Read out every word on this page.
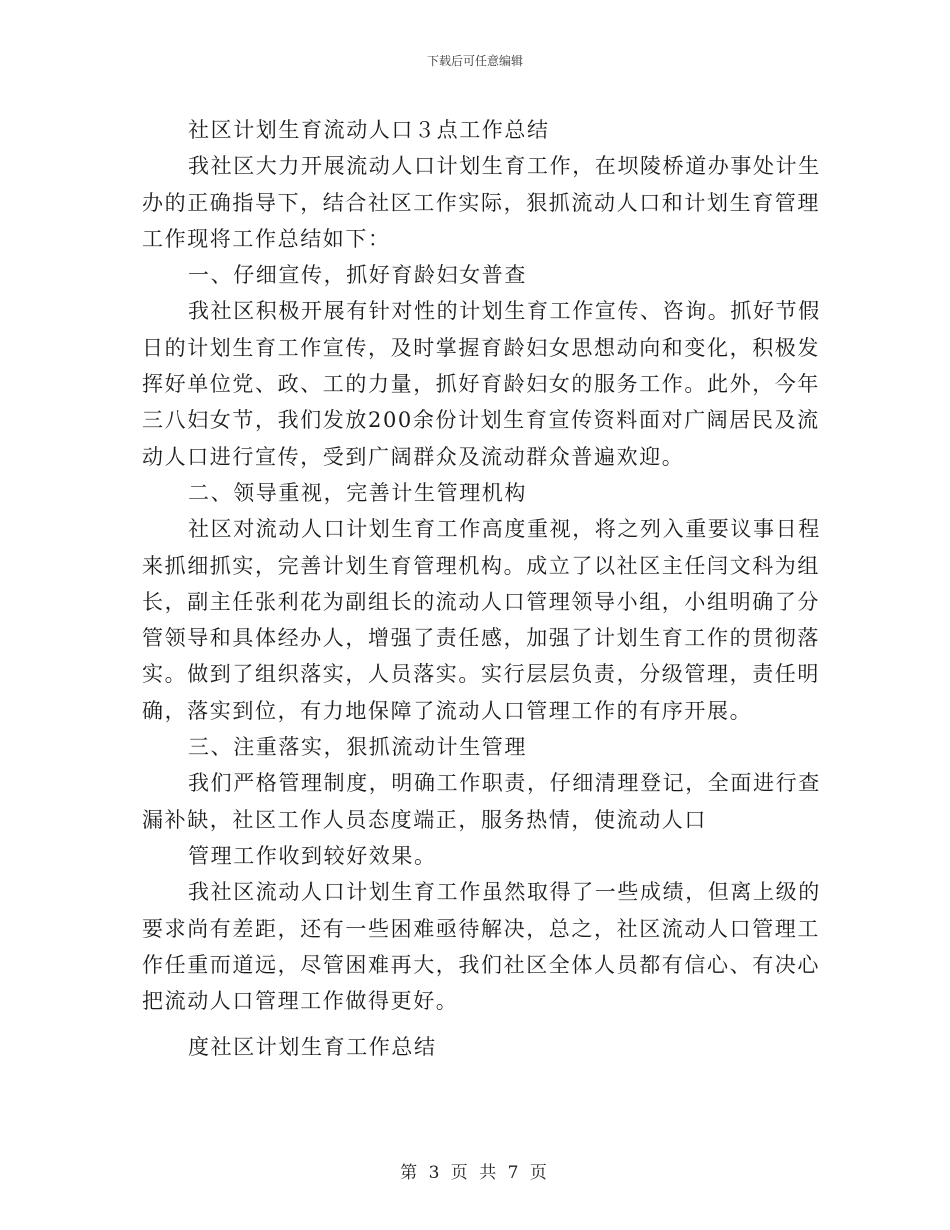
下载后可任意编辑
社区计划生育流动人口３点工作总结
我社区大力开展流动人口计划生育工作，在坝陵桥道办事处计生
办的正确指导下，结合社区工作实际，狠抓流动人口和计划生育管理
工作现将工作总结如下：
一、仔细宣传，抓好育龄妇女普查
我社区积极开展有针对性的计划生育工作宣传、咨询。抓好节假
日的计划生育工作宣传，及时掌握育龄妇女思想动向和变化，积极发
挥好单位党、政、工的力量，抓好育龄妇女的服务工作。此外，今年
三八妇女节，我们发放200余份计划生育宣传资料面对广阔居民及流
动人口进行宣传，受到广阔群众及流动群众普遍欢迎。
二、领导重视，完善计生管理机构
社区对流动人口计划生育工作高度重视，将之列入重要议事日程
来抓细抓实，完善计划生育管理机构。成立了以社区主任闫文科为组
长，副主任张利花为副组长的流动人口管理领导小组，小组明确了分
管领导和具体经办人，增强了责任感，加强了计划生育工作的贯彻落
实。做到了组织落实，人员落实。实行层层负责，分级管理，责任明
确，落实到位，有力地保障了流动人口管理工作的有序开展。
三、注重落实，狠抓流动计生管理
我们严格管理制度，明确工作职责，仔细清理登记，全面进行查
漏补缺，社区工作人员态度端正，服务热情，使流动人口
管理工作收到较好效果。
我社区流动人口计划生育工作虽然取得了一些成绩，但离上级的
要求尚有差距，还有一些困难亟待解决，总之，社区流动人口管理工
作任重而道远，尽管困难再大，我们社区全体人员都有信心、有决心
把流动人口管理工作做得更好。
度社区计划生育工作总结
第 3 页 共 7 页
